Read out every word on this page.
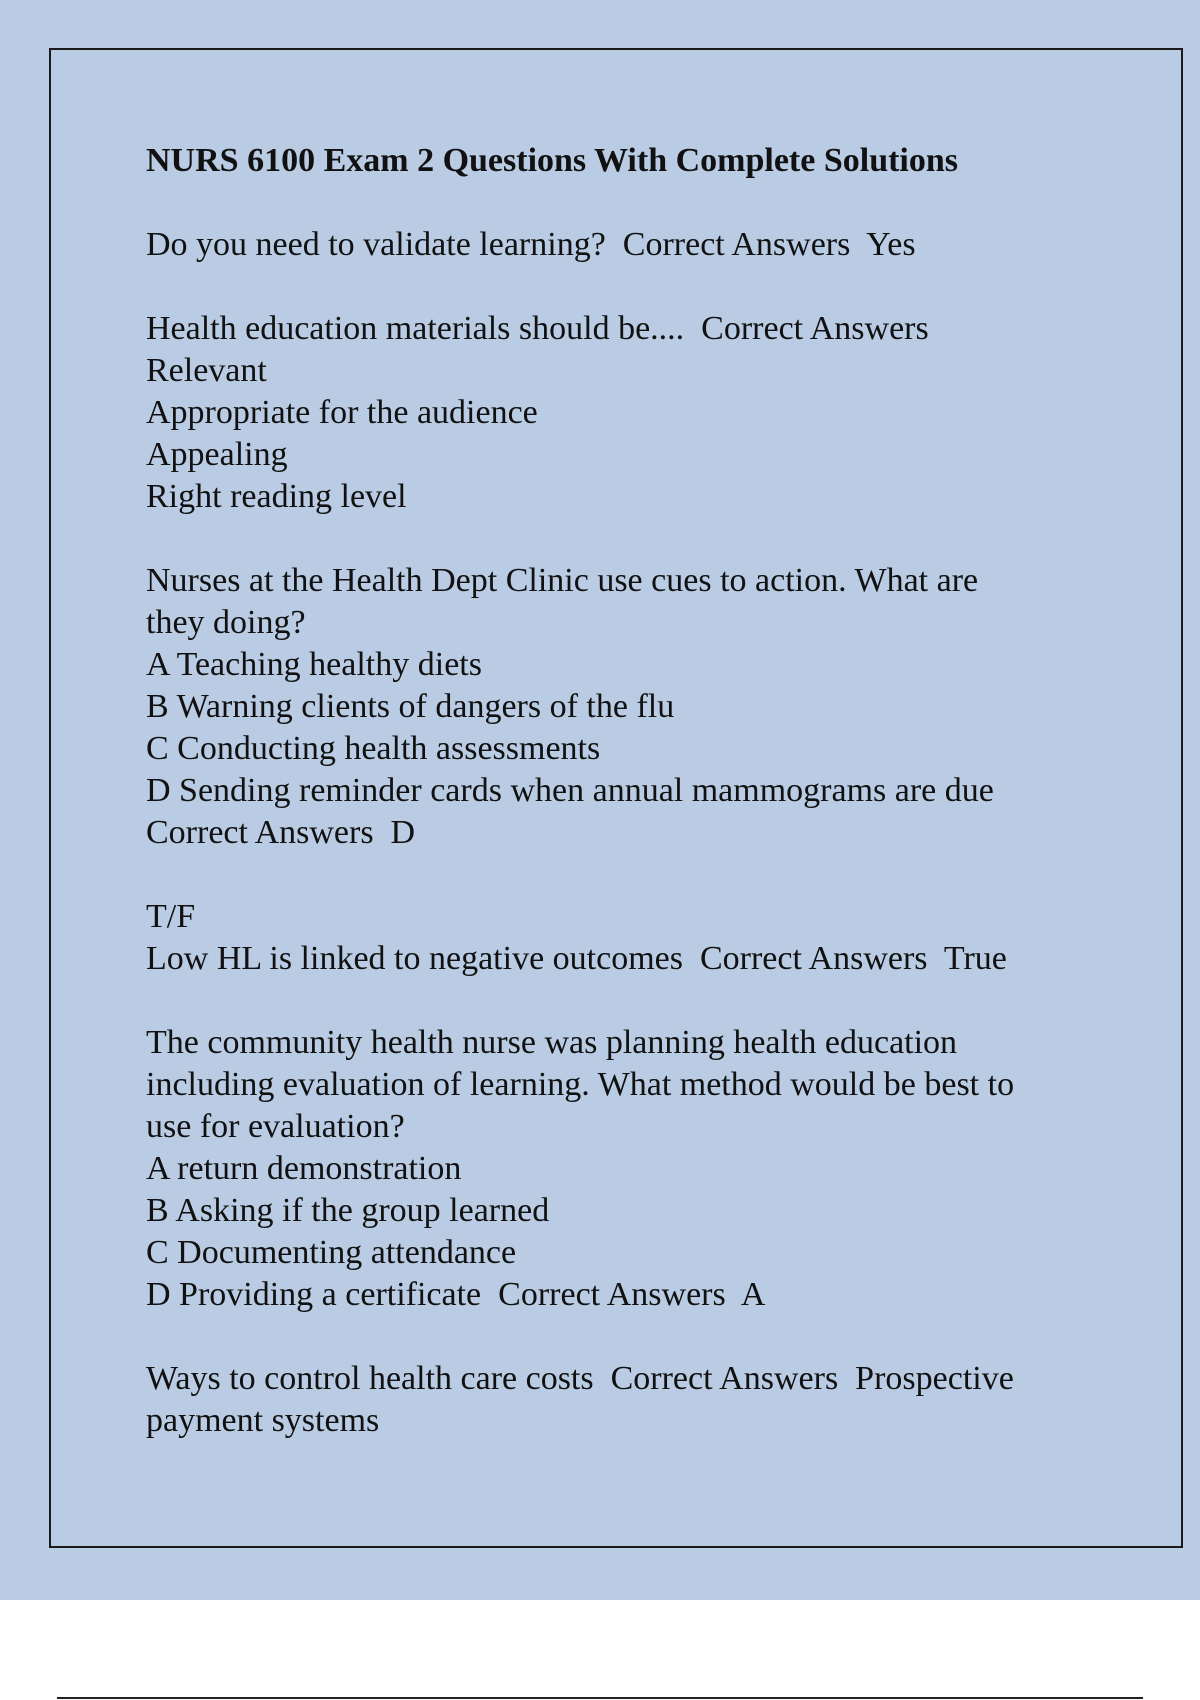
NURS 6100 Exam 2 Questions With Complete Solutions
Do you need to validate learning?  Correct Answers  Yes
Health education materials should be....  Correct Answers
Relevant
Appropriate for the audience
Appealing
Right reading level
Nurses at the Health Dept Clinic use cues to action. What are
they doing?
A Teaching healthy diets
B Warning clients of dangers of the flu
C Conducting health assessments
D Sending reminder cards when annual mammograms are due
Correct Answers  D
T/F
Low HL is linked to negative outcomes  Correct Answers  True
The community health nurse was planning health education
including evaluation of learning. What method would be best to
use for evaluation?
A return demonstration
B Asking if the group learned
C Documenting attendance
D Providing a certificate  Correct Answers  A
Ways to control health care costs  Correct Answers  Prospective
payment systems
